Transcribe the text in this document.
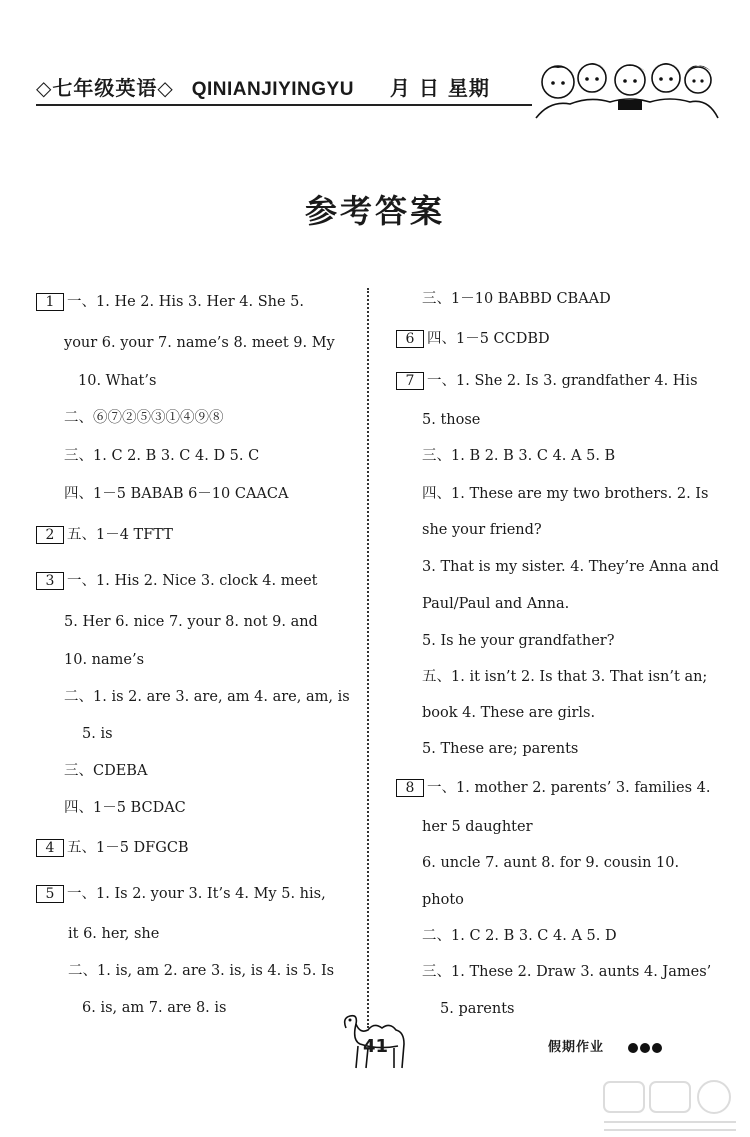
◇七年级英语◇ QINIANJIYINGYU 月 日 星期
参考答案
1 一、1. He 2. His 3. Her 4. She 5.
your 6. your 7. name’s 8. meet 9. My
10. What’s
二、⑥⑦②⑤③①④⑨⑧
三、1. C 2. B 3. C 4. D 5. C
四、1－5 BABAB 6－10 CAACA
2 五、1－4 TFTT
3 一、1. His 2. Nice 3. clock 4. meet
5. Her 6. nice 7. your 8. not 9. and
10. name’s
二、1. is 2. are 3. are, am 4. are, am, is
5. is
三、CDEBA
四、1－5 BCDAC
4 五、1－5 DFGCB
5 一、1. Is 2. your 3. It’s 4. My 5. his,
it 6. her, she
二、1. is, am 2. are 3. is, is 4. is 5. Is
6. is, am 7. are 8. is
三、1－10 BABBD CBAAD
6 四、1－5 CCDBD
7 一、1. She 2. Is 3. grandfather 4. His
5. those
三、1. B 2. B 3. C 4. A 5. B
四、1. These are my two brothers. 2. Is
she your friend?
3. That is my sister. 4. They’re Anna and
Paul/Paul and Anna.
5. Is he your grandfather?
五、1. it isn’t 2. Is that 3. That isn’t an;
book 4. These are girls.
5. These are; parents
8 一、1. mother 2. parents’ 3. families 4.
her 5 daughter
6. uncle 7. aunt 8. for 9. cousin 10.
photo
二、1. C 2. B 3. C 4. A 5. D
三、1. These 2. Draw 3. aunts 4. James’
5. parents
41	假期作业
